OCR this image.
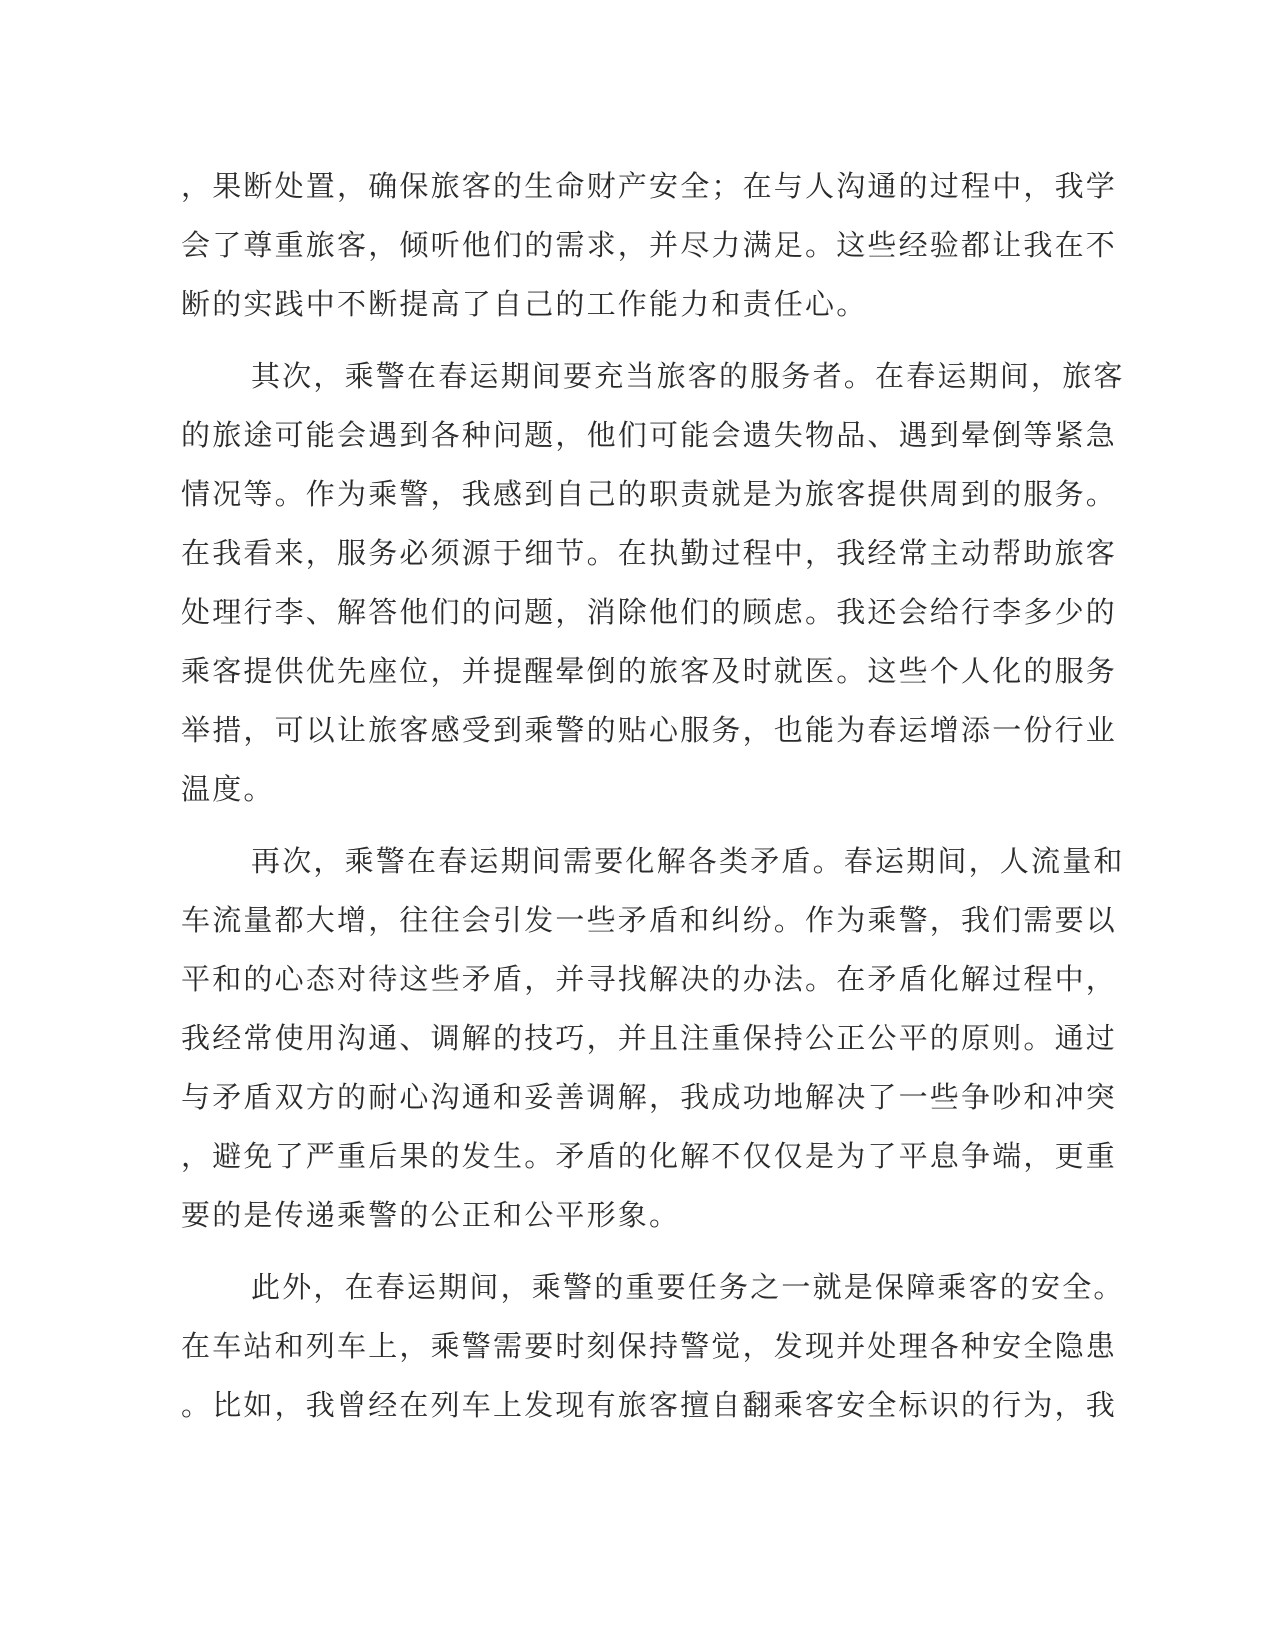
，果断处置，确保旅客的生命财产安全；在与人沟通的过程中，我学
会了尊重旅客，倾听他们的需求，并尽力满足。这些经验都让我在不
断的实践中不断提高了自己的工作能力和责任心。
其次，乘警在春运期间要充当旅客的服务者。在春运期间，旅客
的旅途可能会遇到各种问题，他们可能会遗失物品、遇到晕倒等紧急
情况等。作为乘警，我感到自己的职责就是为旅客提供周到的服务。
在我看来，服务必须源于细节。在执勤过程中，我经常主动帮助旅客
处理行李、解答他们的问题，消除他们的顾虑。我还会给行李多少的
乘客提供优先座位，并提醒晕倒的旅客及时就医。这些个人化的服务
举措，可以让旅客感受到乘警的贴心服务，也能为春运增添一份行业
温度。
再次，乘警在春运期间需要化解各类矛盾。春运期间，人流量和
车流量都大增，往往会引发一些矛盾和纠纷。作为乘警，我们需要以
平和的心态对待这些矛盾，并寻找解决的办法。在矛盾化解过程中，
我经常使用沟通、调解的技巧，并且注重保持公正公平的原则。通过
与矛盾双方的耐心沟通和妥善调解，我成功地解决了一些争吵和冲突
，避免了严重后果的发生。矛盾的化解不仅仅是为了平息争端，更重
要的是传递乘警的公正和公平形象。
此外，在春运期间，乘警的重要任务之一就是保障乘客的安全。
在车站和列车上，乘警需要时刻保持警觉，发现并处理各种安全隐患
。比如，我曾经在列车上发现有旅客擅自翻乘客安全标识的行为，我
